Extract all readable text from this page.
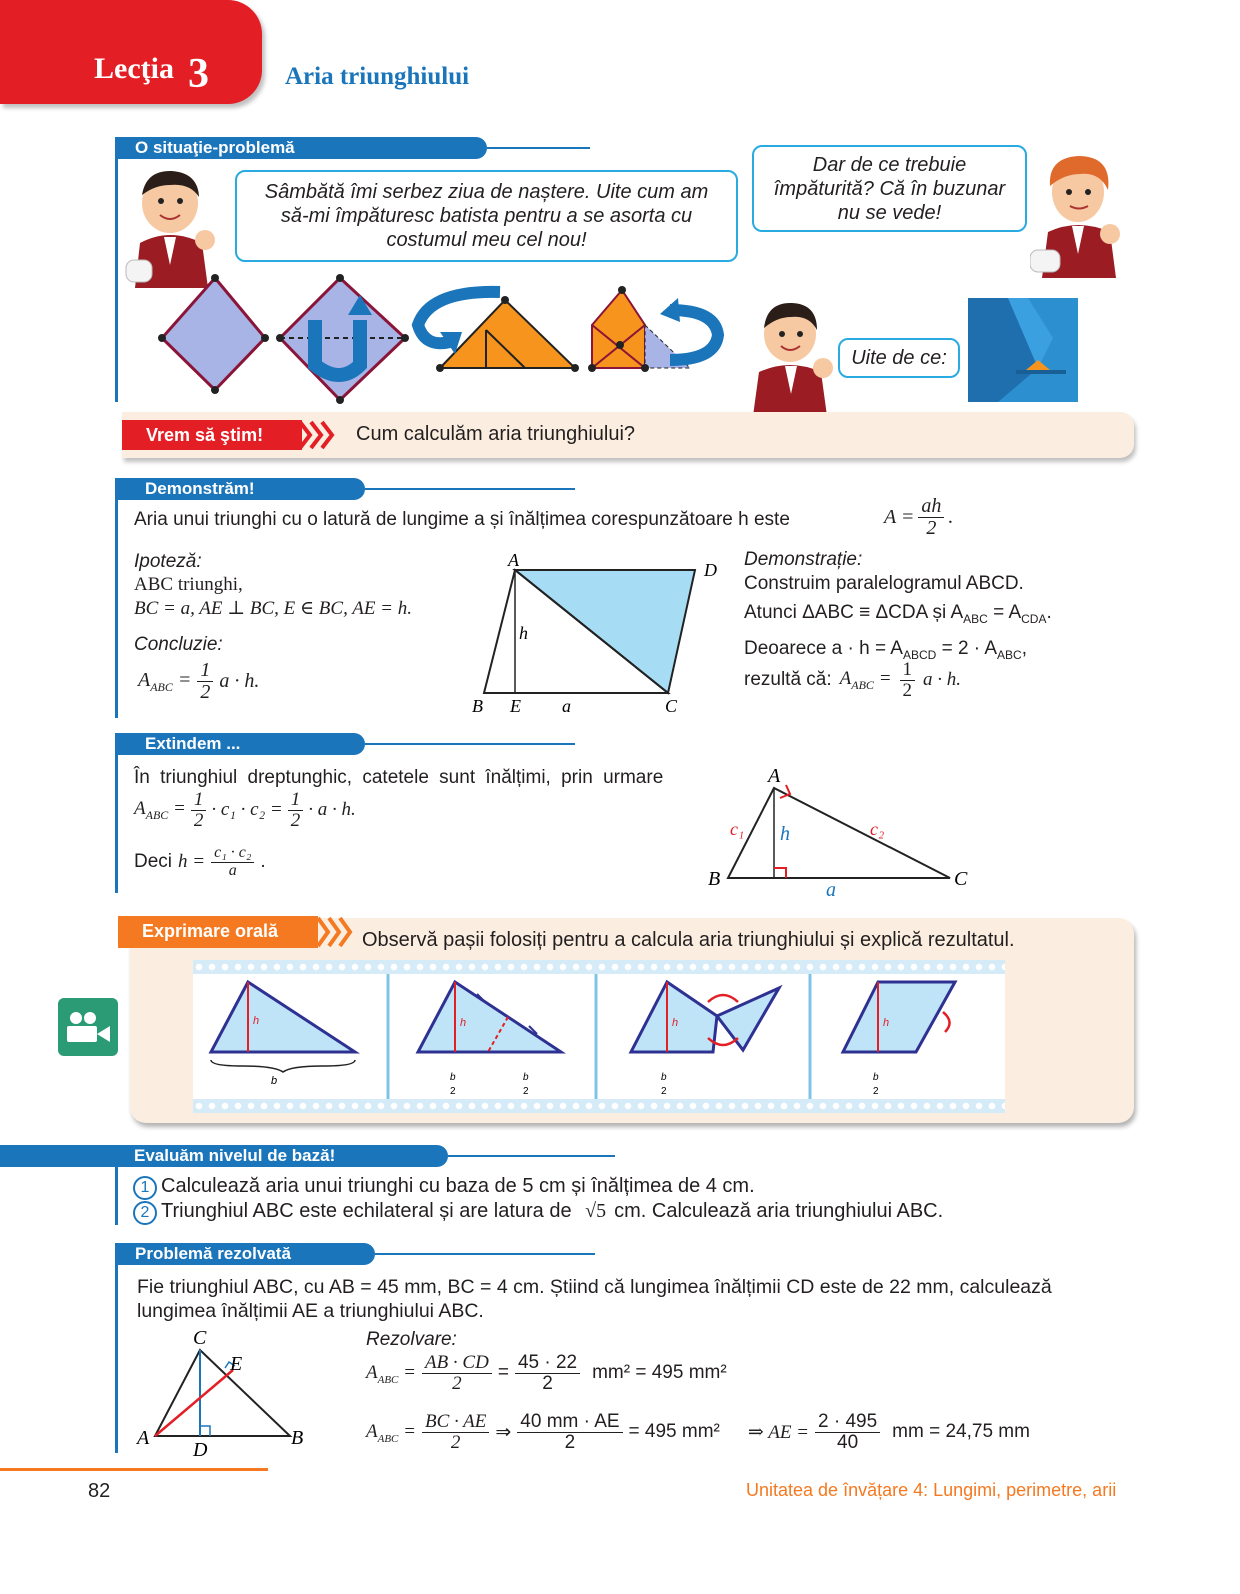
Lecţia 3	Aria triunghiului
O situaţie-problemă
Sâmbătă îmi serbez ziua de naștere. Uite cum am să-mi împăturesc batista pentru a se asorta cu costumul meu cel nou!
Dar de ce trebuie împăturită? Că în buzunar nu se vede!
Uite de ce:
Vrem să ştim!	Cum calculăm aria triunghiului?
Demonstrăm!
Aria unui triunghi cu o latură de lungime a și înălțimea corespunzătoare h este	$A = \frac{ah}{2}$ .
Ipoteză:
ABC triunghi,
BC = a, AE ⊥ BC, E ∈ BC, AE = h.
Concluzie:
$A_{ABC} = \frac{1}{2}$ a · h.
A	D
B E a	C
h
Demonstrație:
Construim paralelogramul ABCD.
Atunci ΔABC ≡ ΔCDA și $A_{ABC} = A_{CDA}$.
Deoarece $a \cdot h = A_{ABCD} = 2 \cdot A_{ABC}$,
rezultă că: $A_{ABC} = \frac{1}{2}$ a · h.
Extindem ...
În triunghiul dreptunghic, catetele sunt înălțimi, prin urmare
$A_{ABC} = \frac{1}{2} \cdot c_1 \cdot c_2 = \frac{1}{2} \cdot a \cdot h$.
Deci $h = \frac{\text{c₁ · c₂}}{a}$ .
A
B	C
c₁	c₂
h
a
Exprimare orală	Observă pașii folosiți pentru a calcula aria triunghiului și explică rezultatul.
h
b
h
b
2
b
2
h
b
2
h
b
2
Evaluăm nivelul de bază!
1 Calculează aria unui triunghi cu baza de 5 cm și înălțimea de 4 cm.
2 Triunghiul ABC este echilateral și are latura de √5 cm. Calculează aria triunghiului ABC.
Problemă rezolvată
Fie triunghiul ABC, cu AB = 45 mm, BC = 4 cm. Știind că lungimea înălțimii CD este de 22 mm, calculează
lungimea înălțimii AE a triunghiului ABC.
C
A	B
D
E
Rezolvare:
$A_{ABC} = \frac{AB \cdot CD}{2} = \frac{45 \cdot 22}{2} mm^2 = 495$ mm²
$A_{ABC} = \frac{BC \cdot AE}{2}$ ⇒ $\frac{40 mm \cdot AE}{2} = 495$ mm² ⇒ AE = $\frac{2 \cdot 495}{40}$ mm = 24,75 mm
82	Unitatea de învățare 4: Lungimi, perimetre, arii
